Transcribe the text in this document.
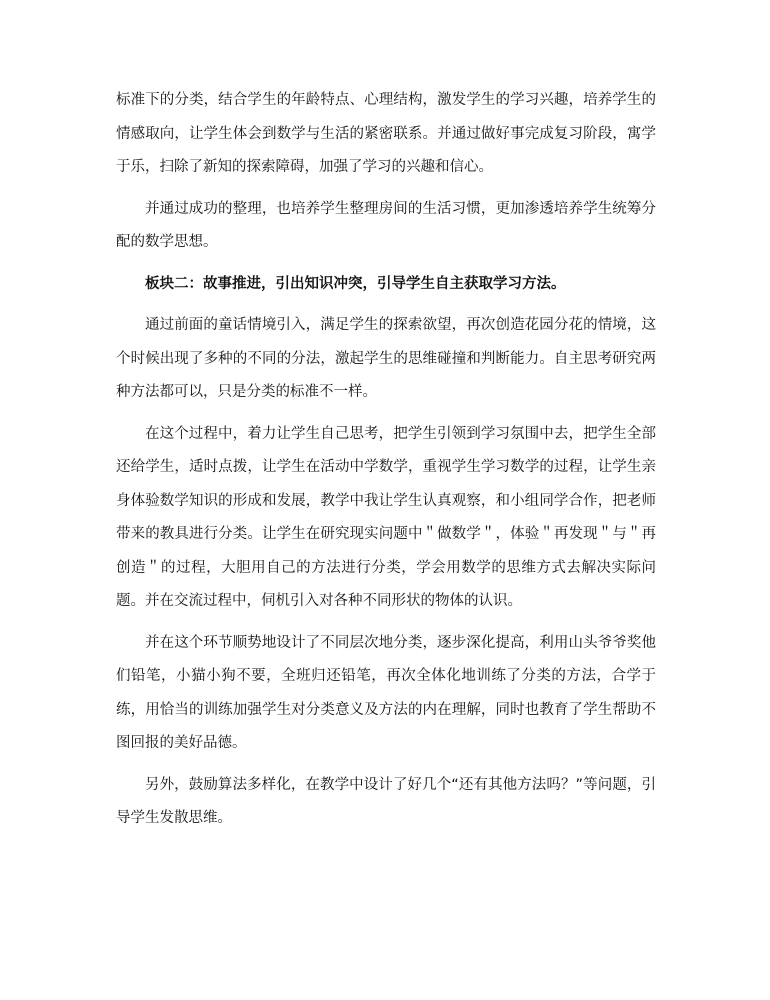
标准下的分类，结合学生的年龄特点、心理结构，激发学生的学习兴趣，培养学生的情感取向，让学生体会到数学与生活的紧密联系。并通过做好事完成复习阶段，寓学于乐，扫除了新知的探索障碍，加强了学习的兴趣和信心。

并通过成功的整理，也培养学生整理房间的生活习惯，更加渗透培养学生统筹分配的数学思想。

板块二：故事推进，引出知识冲突，引导学生自主获取学习方法。

通过前面的童话情境引入，满足学生的探索欲望，再次创造花园分花的情境，这个时候出现了多种的不同的分法，激起学生的思维碰撞和判断能力。自主思考研究两种方法都可以，只是分类的标准不一样。

在这个过程中，着力让学生自己思考，把学生引领到学习氛围中去，把学生全部还给学生，适时点拨，让学生在活动中学数学，重视学生学习数学的过程，让学生亲身体验数学知识的形成和发展，教学中我让学生认真观察，和小组同学合作，把老师带来的教具进行分类。让学生在研究现实问题中＂做数学＂，体验＂再发现＂与＂再创造＂的过程，大胆用自己的方法进行分类，学会用数学的思维方式去解决实际问题。并在交流过程中，伺机引入对各种不同形状的物体的认识。

并在这个环节顺势地设计了不同层次地分类，逐步深化提高，利用山头爷爷奖他们铅笔，小猫小狗不要，全班归还铅笔，再次全体化地训练了分类的方法，合学于练，用恰当的训练加强学生对分类意义及方法的内在理解，同时也教育了学生帮助不图回报的美好品德。

另外，鼓励算法多样化，在教学中设计了好几个“还有其他方法吗？”等问题，引导学生发散思维。
